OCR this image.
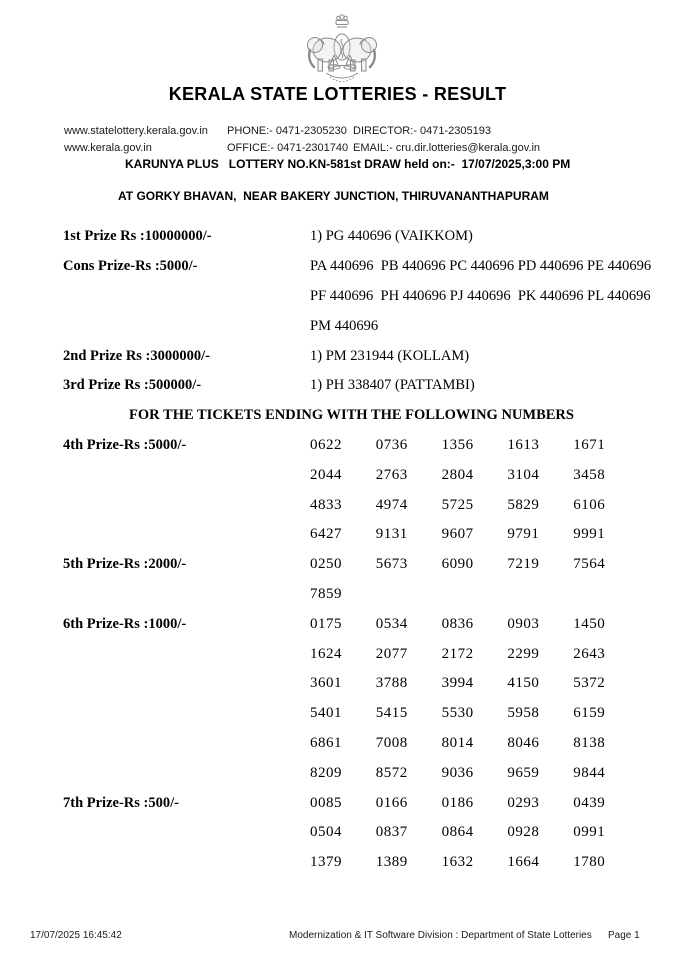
KERALA STATE LOTTERIES - RESULT
www.statelottery.kerala.gov.in	PHONE:- 0471-2305230 DIRECTOR:- 0471-2305193
www.kerala.gov.in	OFFICE:- 0471-2301740 EMAIL:- cru.dir.lotteries@kerala.gov.in
KARUNYA PLUS   LOTTERY NO.KN-581st DRAW held on:-  17/07/2025,3:00 PM
AT GORKY BHAVAN,  NEAR BAKERY JUNCTION, THIRUVANANTHAPURAM
1st Prize Rs :10000000/-	1) PG 440696 (VAIKKOM)
Cons Prize-Rs :5000/-	PA 440696  PB 440696 PC 440696 PD 440696 PE 440696
PF 440696  PH 440696 PJ 440696  PK 440696 PL 440696
PM 440696
2nd Prize Rs :3000000/-	1) PM 231944 (KOLLAM)
3rd Prize Rs :500000/-	1) PH 338407 (PATTAMBI)
FOR THE TICKETS ENDING WITH THE FOLLOWING NUMBERS
4th Prize-Rs :5000/-	0622	0736	1356	1613	1671
2044	2763	2804	3104	3458
4833	4974	5725	5829	6106
6427	9131	9607	9791	9991
5th Prize-Rs :2000/-	0250	5673	6090	7219	7564
7859
6th Prize-Rs :1000/-	0175	0534	0836	0903	1450
1624	2077	2172	2299	2643
3601	3788	3994	4150	5372
5401	5415	5530	5958	6159
6861	7008	8014	8046	8138
8209	8572	9036	9659	9844
7th Prize-Rs :500/-	0085	0166	0186	0293	0439
0504	0837	0864	0928	0991
1379	1389	1632	1664	1780
17/07/2025 16:45:42	Modernization & IT Software Division : Department of State Lotteries Page 1
